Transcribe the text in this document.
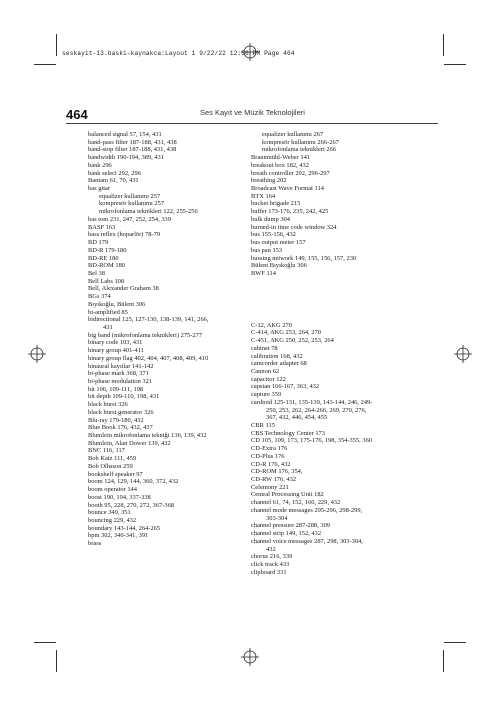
seskayit-13.baski-kaynakca:Layout 1 9/22/22 12:56 PM Page 464
464	Ses Kayıt ve Müzik Teknolojileri
balanced signal 57, 154, 431
band-pass filter 187-188, 431, 438
band-stop filter 187-188, 431, 438
bandwidth 190-194, 389, 431
bank 296
bank select 292, 296
Bantam 61, 70, 431
bas gitar
equalizer kullanımı 257
kompresör kullanımı 257
mikrofonlama teknikleri 122, 255-256
bas tom 231, 247, 252, 254, 339
BASF 163
bass reflex (hoparlör) 78-79
BD 179
BD-R 179-180
BD-RE 180
BD-ROM 180
Bel 38
Bell Labs 108
Bell, Alexander Graham 38
BGs 374
Bıyıkoğlu, Bülent 306
bi-amplified 85
bidirectional 125, 127-130, 138-139, 141, 266,
431
big band (mikrofonlama teknikleri) 275-277
binary code 103, 431
binary group 401-411
binary group flag 402, 404, 407, 408, 409, 410
binaural kayıtlar 141-142
bi-phase mark 368, 371
bi-phase modulation 321
bit 106, 109-111, 198
bit depth 109-110, 198, 431
black burst 326
black burst generator 326
Blu-ray 179-180, 432
Blue Book 176, 432, 437
Blumlein mikrofonlama tekniği 136, 139, 432
Blumlein, Alan Dower 139, 432
BNC 116, 117
Bob Katz 111, 459
Bob Olhsson 259
bookshelf speaker 97
boom 124, 129, 144, 360, 372, 432
boom operator 144
boost 190, 194, 337-338
booth 95, 228, 270, 272, 367-368
bounce 349, 351
bouncing 229, 432
boundary 143-144, 264-265
bpm 302, 340-341, 391
brass
equalizer kullanımı 267
kompresör kullanımı 266-267
mikrofonlama teknikleri 266
Braunmühl-Weber 141
breakout box 182, 432
breath controller 292, 296-297
breathing 202
Broadcast Wave Format 114
BTX 164
bucket brigade 215
buffer 173-176, 235, 242, 425
bulk dump 304
burned-in time code window 324
bus 155-156, 432
bus output meter 157
bus pan 153
bussing network 149, 155, 156, 157, 230
Bülent Bıyıkoğlu 306
BWF 114
C-12, AKG 270
C-414, AKG 253, 264, 270
C-451, AKG 250, 252, 253, 264
cabinet 78
calibration 168, 432
camcorder adapter 68
Cannon 62
capacitor 122
capstan 166-167, 363, 432
capture 359
cardioid 125-131, 135-139, 143-144, 246, 249-
250, 253, 262, 264-266, 269, 270, 276,
367, 432, 446, 454, 455
CBR 115
CBS Technology Center 173
CD 105, 109, 173, 175-176, 198, 354-355, 360
CD-Extra 176
CD-Plus 176
CD-R 176, 432
CD-ROM 176, 354,
CD-RW 176, 432
Celemony 221
Central Processing Unit 182
channel 61, 74, 152, 160, 229, 432
channel mode messages 295-296, 298-299,
303-304
channel pressure 287-288, 309
channel strip 149, 152, 432
channel voice messages 287, 298, 303-304,
432
chorus 216, 339
click track 433
clipboard 331
